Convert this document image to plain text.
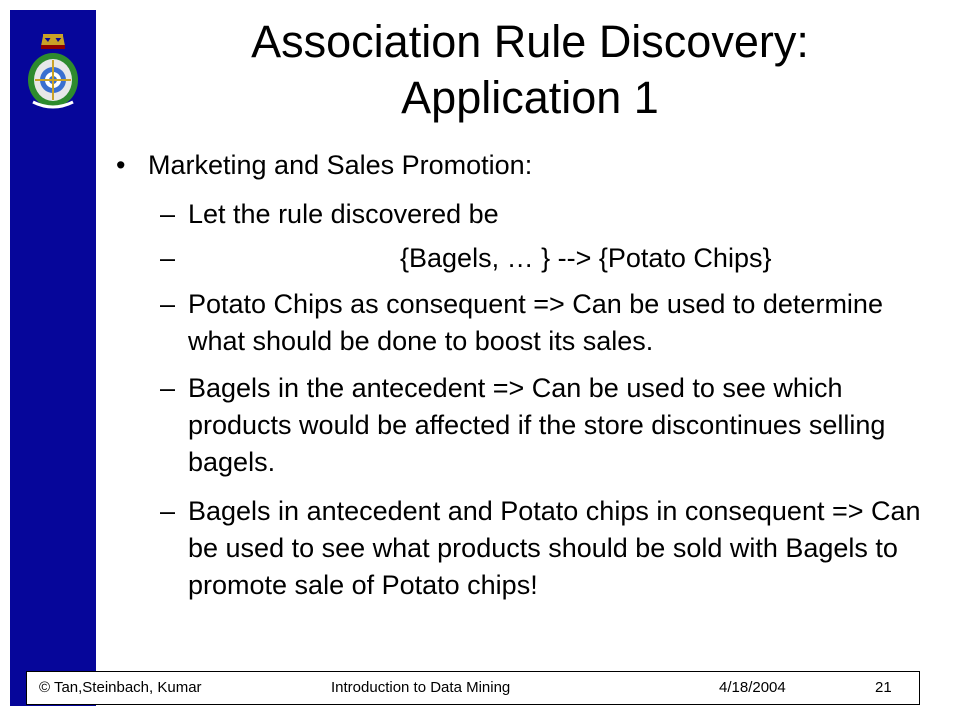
Association Rule Discovery:
Application 1
• Marketing and Sales Promotion:
– Let the rule discovered be
–	{Bagels, … } --> {Potato Chips}
– Potato Chips as consequent => Can be used to determine what should be done to boost its sales.
– Bagels in the antecedent => Can be used to see which products would be affected if the store discontinues selling bagels.
– Bagels in antecedent and Potato chips in consequent => Can be used to see what products should be sold with Bagels to promote sale of Potato chips!
© Tan,Steinbach, Kumar	Introduction to Data Mining	4/18/2004	21
